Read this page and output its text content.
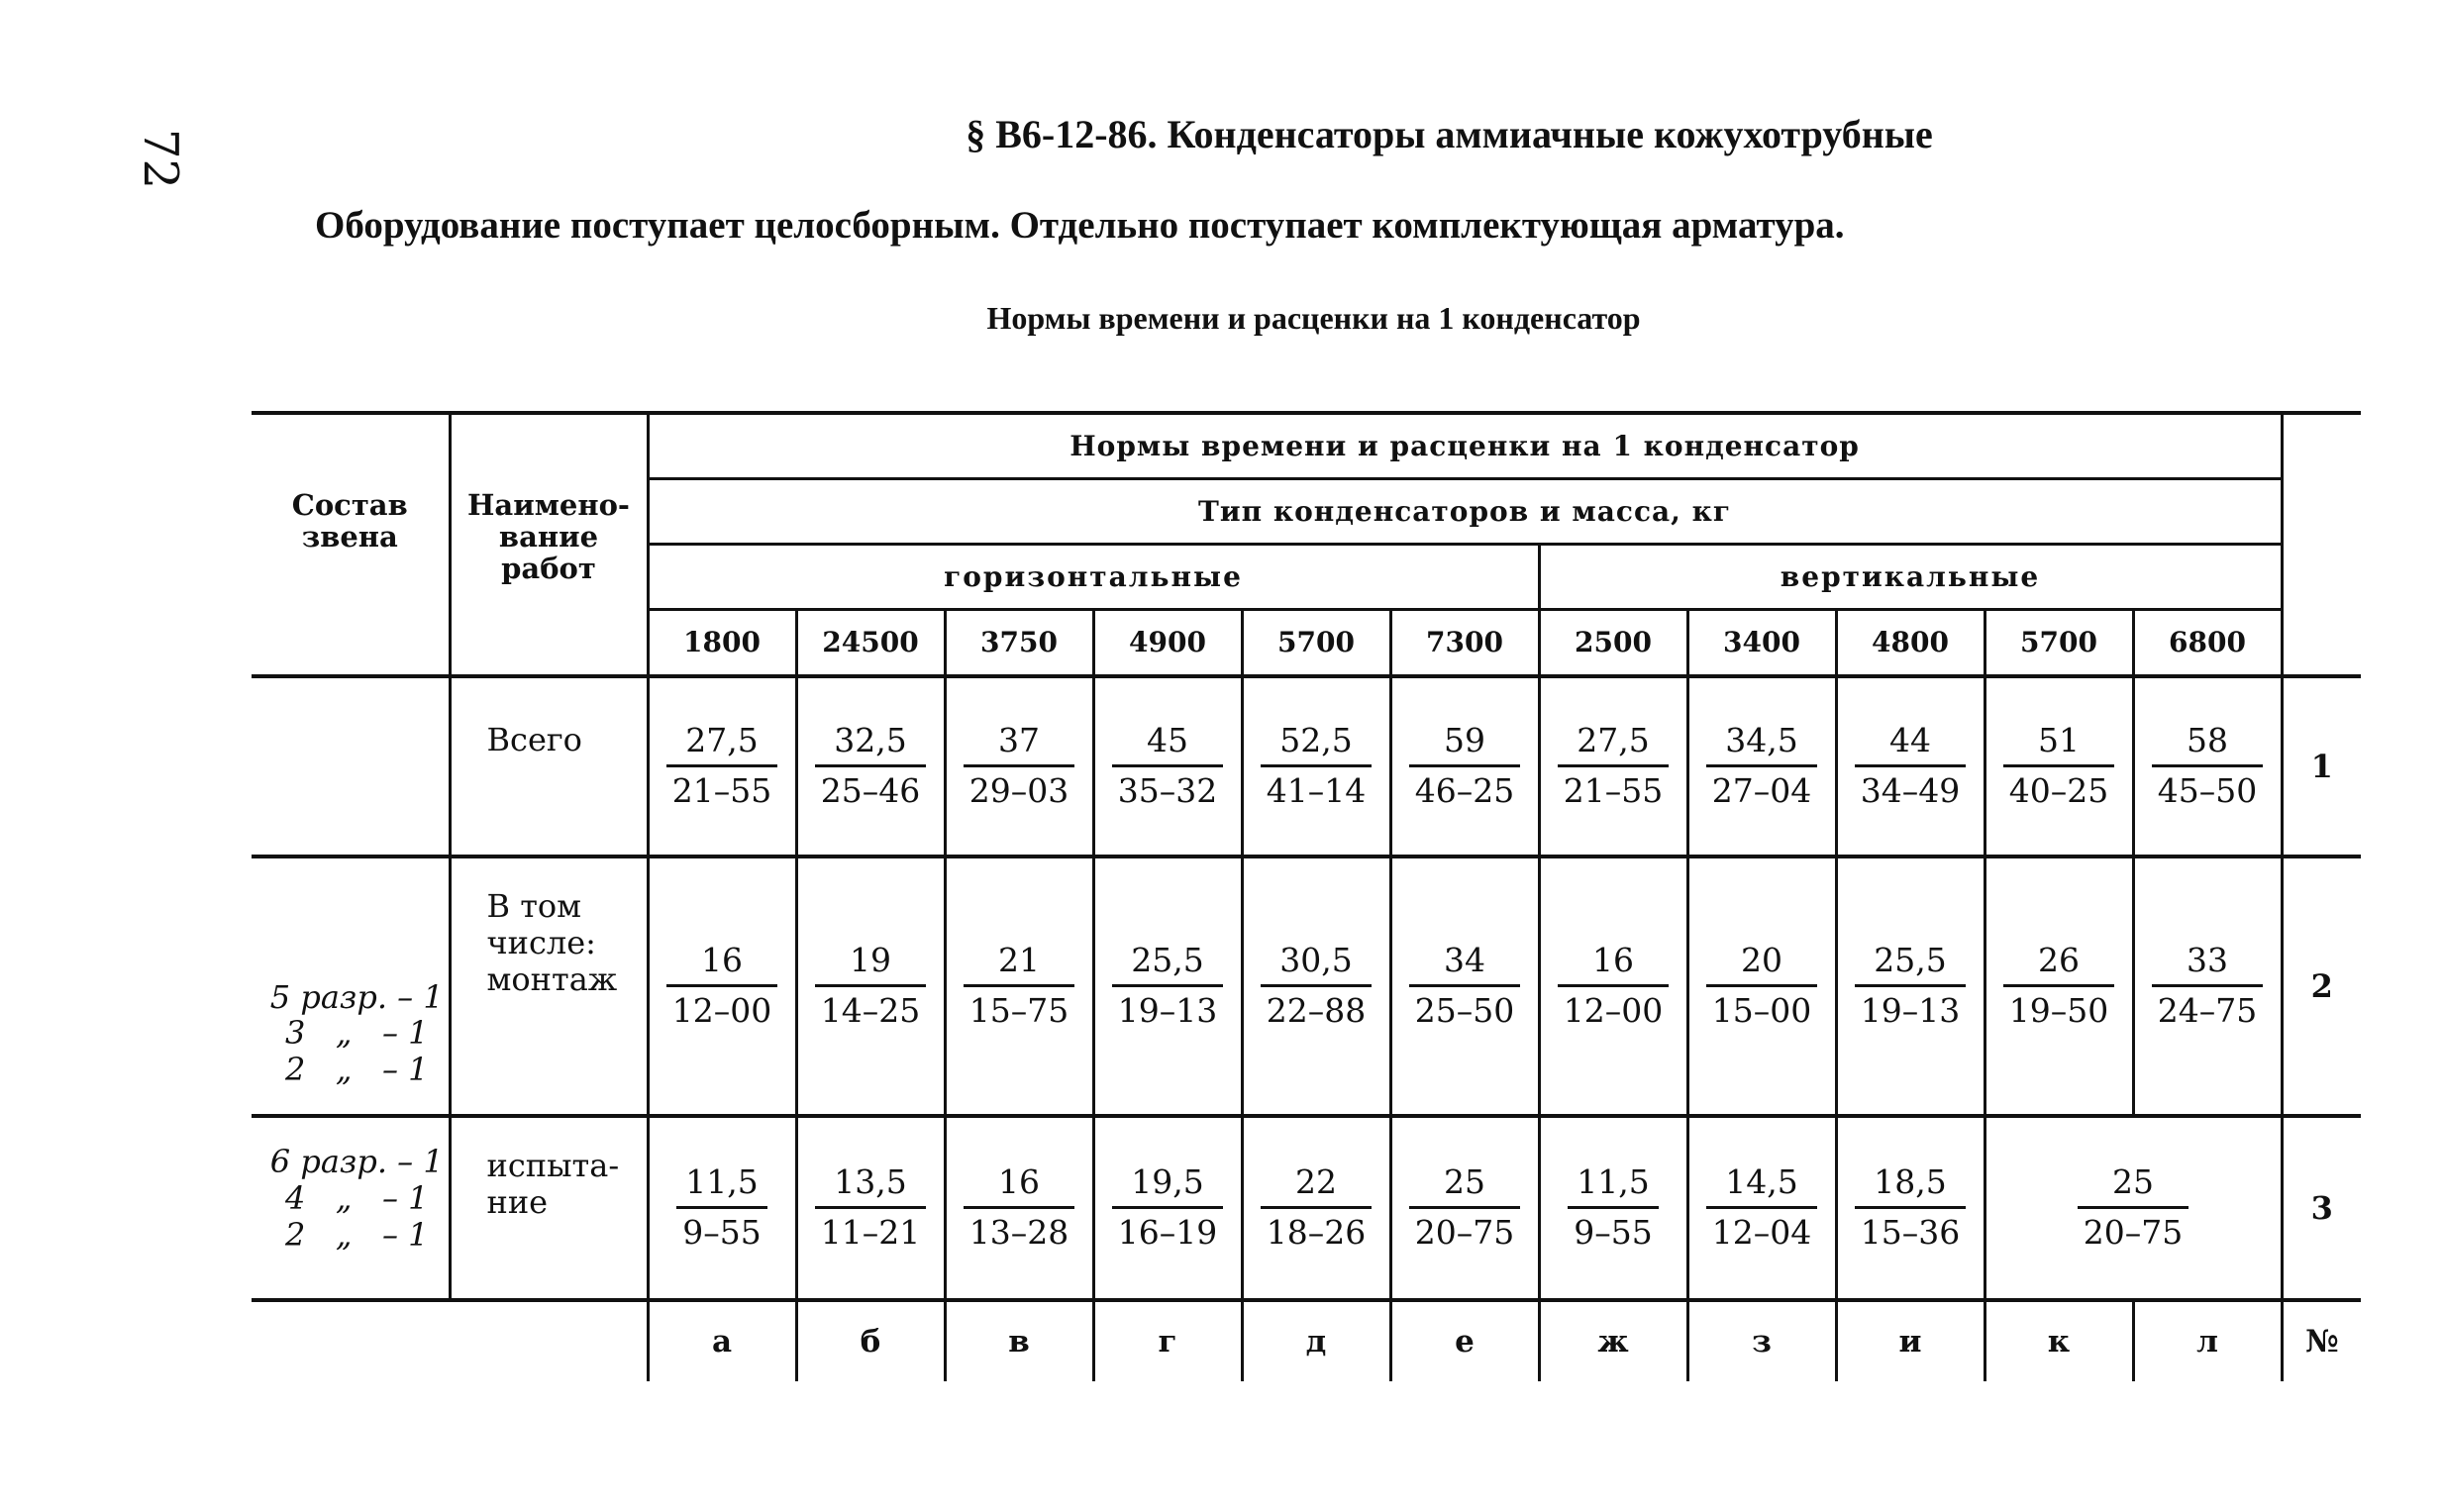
72	§ В6-12-86. Конденсаторы аммиачные кожухотрубные
Оборудование поступает целосборным. Отдельно поступает комплектующая арматура.
Нормы времени и расценки на 1 конденсатор
Состав звена	Наимено-вание работ	Нормы времени и расценки на 1 конденсатор											
		Тип конденсаторов и масса, кг											
		горизонтальные						вертикальные					
		1800	24500	3750	4900	5700	7300	2500	3400	4800	5700	6800	
	Всего	$\frac{27,5}{21-55}$	$\frac{32,5}{25-46}$	$\frac{37}{29-03}$	$\frac{45}{35-32}$	$\frac{52,5}{41-14}$	$\frac{59}{46-25}$	$\frac{27,5}{21-55}$	$\frac{34,5}{27-04}$	$\frac{44}{34-49}$	$\frac{51}{40-25}$	$\frac{58}{45-50}$	1

5 разр. – 1
3   „   – 1
2   „   – 1	В том числе: монтаж	$\frac{16}{12-00}$	$\frac{19}{14-25}$	$\frac{21}{15-75}$	$\frac{25,5}{19-13}$	$\frac{30,5}{22-88}$	$\frac{34}{25-50}$	$\frac{16}{12-00}$	$\frac{20}{15-00}$	$\frac{25,5}{19-13}$	$\frac{26}{19-50}$	$\frac{33}{24-75}$	2

6 разр. – 1
4   „   – 1
2   „   – 1	испыта-ние	$\frac{11,5}{9-55}$	$\frac{13,5}{11-21}$	$\frac{16}{13-28}$	$\frac{19,5}{16-19}$	$\frac{22}{18-26}$	$\frac{25}{20-75}$	$\frac{11,5}{9-55}$	$\frac{14,5}{12-04}$	$\frac{18,5}{15-36}$	$\frac{25}{20-75}$		3
		а	б	в	г	д	е	ж	з	и	к	л	№
